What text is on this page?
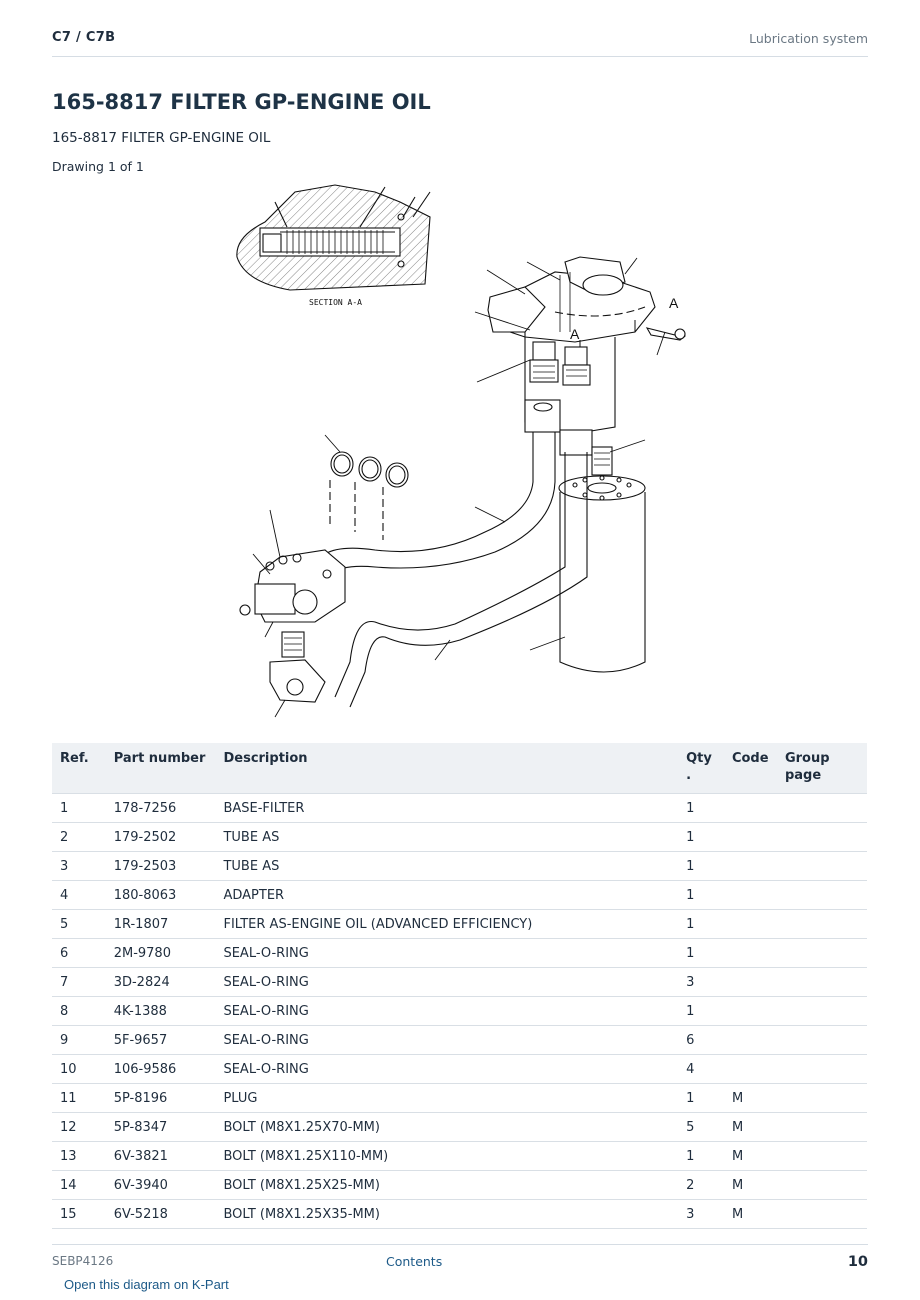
C7 / C7B	Lubrication system
165-8817 FILTER GP-ENGINE OIL
165-8817 FILTER GP-ENGINE OIL
Drawing 1 of 1
SECTION A-A
A
A
Ref.	Part number	Description	Qty .	Code	Group page
1	178-7256	BASE-FILTER	1		
2	179-2502	TUBE AS	1		
3	179-2503	TUBE AS	1		
4	180-8063	ADAPTER	1		
5	1R-1807	FILTER AS-ENGINE OIL (ADVANCED EFFICIENCY)	1		
6	2M-9780	SEAL-O-RING	1		
7	3D-2824	SEAL-O-RING	3		
8	4K-1388	SEAL-O-RING	1		
9	5F-9657	SEAL-O-RING	6		
10	106-9586	SEAL-O-RING	4		
11	5P-8196	PLUG	1	M	
12	5P-8347	BOLT (M8X1.25X70-MM)	5	M	
13	6V-3821	BOLT (M8X1.25X110-MM)	1	M	
14	6V-3940	BOLT (M8X1.25X25-MM)	2	M	
15	6V-5218	BOLT (M8X1.25X35-MM)	3	M	
SEBP4126	Contents	10
Open this diagram on K-Part
